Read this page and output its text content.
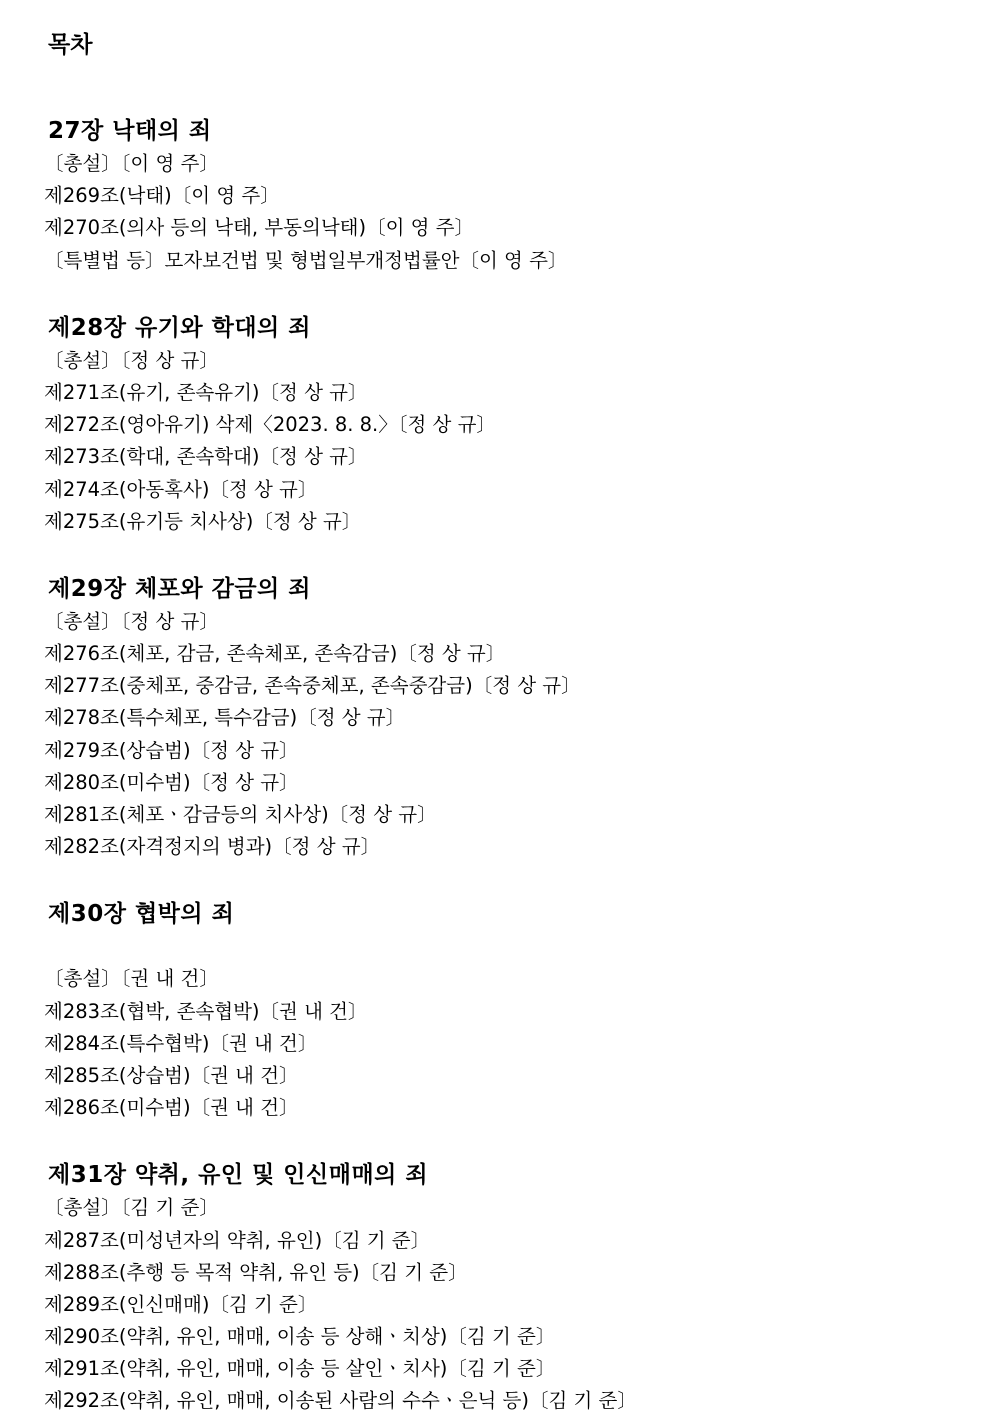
목차
27장 낙태의 죄
〔총설〕〔이 영 주〕
제269조(낙태)〔이 영 주〕
제270조(의사 등의 낙태, 부동의낙태)〔이 영 주〕
〔특별법 등〕모자보건법 및 형법일부개정법률안〔이 영 주〕
제28장 유기와 학대의 죄
〔총설〕〔정 상 규〕
제271조(유기, 존속유기)〔정 상 규〕
제272조(영아유기) 삭제〈2023. 8. 8.〉〔정 상 규〕
제273조(학대, 존속학대)〔정 상 규〕
제274조(아동혹사)〔정 상 규〕
제275조(유기등 치사상)〔정 상 규〕
제29장 체포와 감금의 죄
〔총설〕〔정 상 규〕
제276조(체포, 감금, 존속체포, 존속감금)〔정 상 규〕
제277조(중체포, 중감금, 존속중체포, 존속중감금)〔정 상 규〕
제278조(특수체포, 특수감금)〔정 상 규〕
제279조(상습범)〔정 상 규〕
제280조(미수범)〔정 상 규〕
제281조(체포ㆍ감금등의 치사상)〔정 상 규〕
제282조(자격정지의 병과)〔정 상 규〕
제30장 협박의 죄
〔총설〕〔권 내 건〕
제283조(협박, 존속협박)〔권 내 건〕
제284조(특수협박)〔권 내 건〕
제285조(상습범)〔권 내 건〕
제286조(미수범)〔권 내 건〕
제31장 약취, 유인 및 인신매매의 죄
〔총설〕〔김 기 준〕
제287조(미성년자의 약취, 유인)〔김 기 준〕
제288조(추행 등 목적 약취, 유인 등)〔김 기 준〕
제289조(인신매매)〔김 기 준〕
제290조(약취, 유인, 매매, 이송 등 상해ㆍ치상)〔김 기 준〕
제291조(약취, 유인, 매매, 이송 등 살인ㆍ치사)〔김 기 준〕
제292조(약취, 유인, 매매, 이송된 사람의 수수ㆍ은닉 등)〔김 기 준〕
